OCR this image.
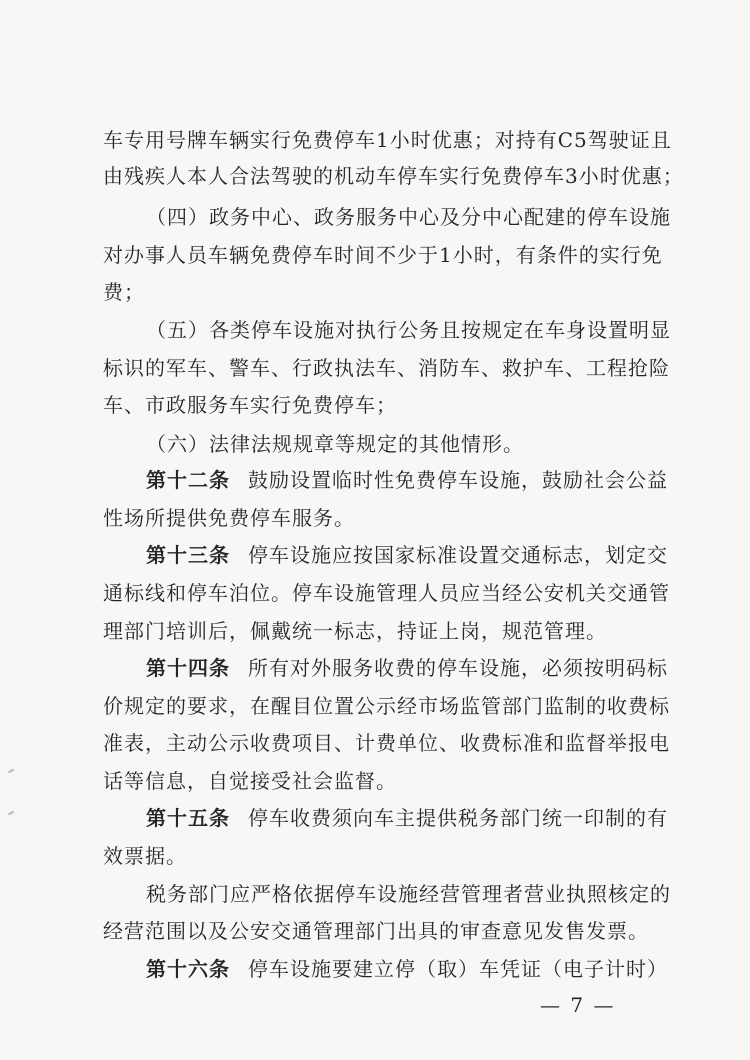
车专用号牌车辆实行免费停车1小时优惠；对持有C5驾驶证且
由残疾人本人合法驾驶的机动车停车实行免费停车3小时优惠；
（四）政务中心、政务服务中心及分中心配建的停车设施
对办事人员车辆免费停车时间不少于1小时，有条件的实行免
费；
（五）各类停车设施对执行公务且按规定在车身设置明显
标识的军车、警车、行政执法车、消防车、救护车、工程抢险
车、市政服务车实行免费停车；
（六）法律法规规章等规定的其他情形。
第十二条 鼓励设置临时性免费停车设施，鼓励社会公益
性场所提供免费停车服务。
第十三条 停车设施应按国家标准设置交通标志，划定交
通标线和停车泊位。停车设施管理人员应当经公安机关交通管
理部门培训后，佩戴统一标志，持证上岗，规范管理。
第十四条 所有对外服务收费的停车设施，必须按明码标
价规定的要求，在醒目位置公示经市场监管部门监制的收费标
准表，主动公示收费项目、计费单位、收费标准和监督举报电
话等信息，自觉接受社会监督。
第十五条 停车收费须向车主提供税务部门统一印制的有
效票据。
税务部门应严格依据停车设施经营管理者营业执照核定的
经营范围以及公安交通管理部门出具的审查意见发售发票。
第十六条 停车设施要建立停（取）车凭证（电子计时）
— 7 —
